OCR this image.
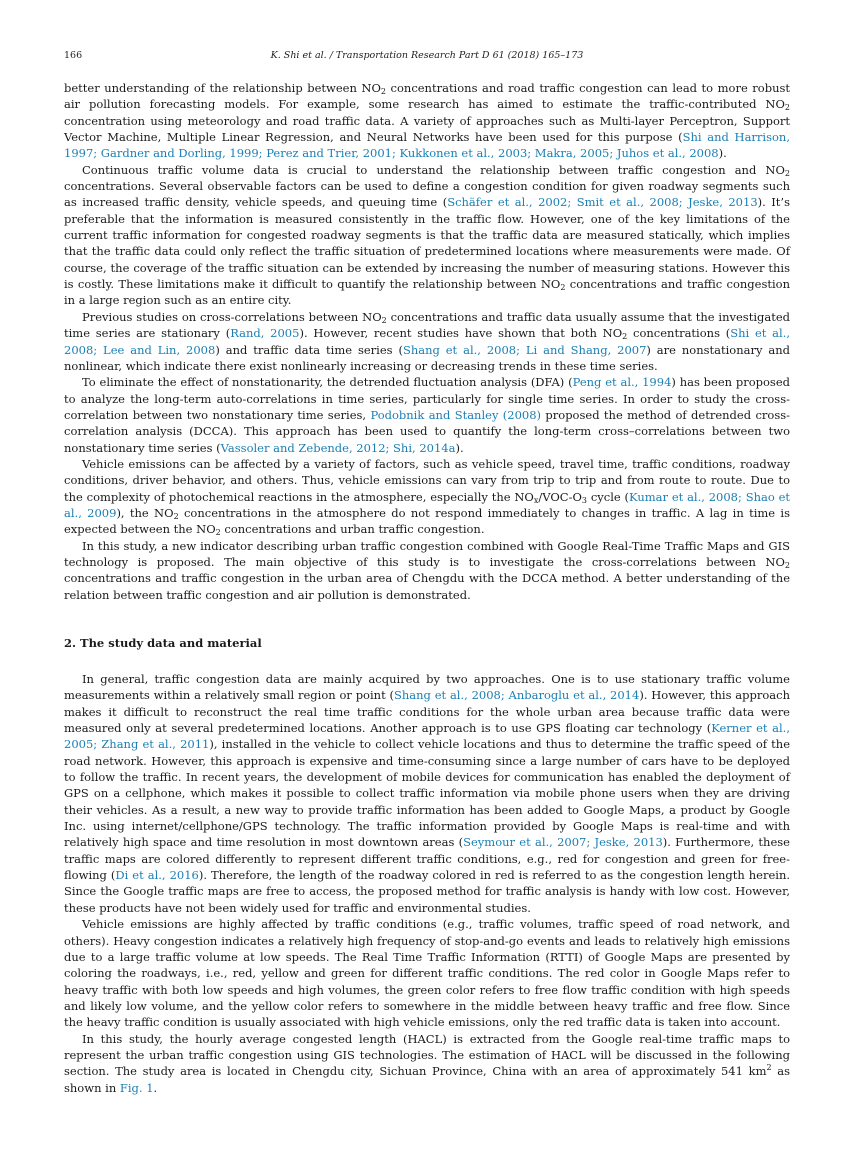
166	K. Shi et al. / Transportation Research Part D 61 (2018) 165–173

better understanding of the relationship between $NO_2$ concentrations and road traffic congestion can lead to more robust air pollution forecasting models. For example, some research has aimed to estimate the traffic-contributed $NO_2$ concentration using meteorology and road traffic data. A variety of approaches such as Multi-layer Perceptron, Support Vector Machine, Multiple Linear Regression, and Neural Networks have been used for this purpose (Shi and Harrison, 1997; Gardner and Dorling, 1999; Perez and Trier, 2001; Kukkonen et al., 2003; Makra, 2005; Juhos et al., 2008).

Continuous traffic volume data is crucial to understand the relationship between traffic congestion and $NO_2$ concentrations. Several observable factors can be used to define a congestion condition for given roadway segments such as increased traffic density, vehicle speeds, and queuing time (Schäfer et al., 2002; Smit et al., 2008; Jeske, 2013). It’s preferable that the information is measured consistently in the traffic flow. However, one of the key limitations of the current traffic information for congested roadway segments is that the traffic data are measured statically, which implies that the traffic data could only reflect the traffic situation of predetermined locations where measurements were made. Of course, the coverage of the traffic situation can be extended by increasing the number of measuring stations. However this is costly. These limitations make it difficult to quantify the relationship between $NO_2$ concentrations and traffic congestion in a large region such as an entire city.

Previous studies on cross-correlations between $NO_2$ concentrations and traffic data usually assume that the investigated time series are stationary (Rand, 2005). However, recent studies have shown that both $NO_2$ concentrations (Shi et al., 2008; Lee and Lin, 2008) and traffic data time series (Shang et al., 2008; Li and Shang, 2007) are nonstationary and nonlinear, which indicate there exist nonlinearly increasing or decreasing trends in these time series.

To eliminate the effect of nonstationarity, the detrended fluctuation analysis (DFA) (Peng et al., 1994) has been proposed to analyze the long-term auto-correlations in time series, particularly for single time series. In order to study the cross-correlation between two nonstationary time series, Podobnik and Stanley (2008) proposed the method of detrended cross-correlation analysis (DCCA). This approach has been used to quantify the long-term cross–correlations between two nonstationary time series (Vassoler and Zebende, 2012; Shi, 2014a).

Vehicle emissions can be affected by a variety of factors, such as vehicle speed, travel time, traffic conditions, roadway conditions, driver behavior, and others. Thus, vehicle emissions can vary from trip to trip and from route to route. Due to the complexity of photochemical reactions in the atmosphere, especially the $NO_x/VOC-O_3$ cycle (Kumar et al., 2008; Shao et al., 2009), the $NO_2$ concentrations in the atmosphere do not respond immediately to changes in traffic. A lag in time is expected between the $NO_2$ concentrations and urban traffic congestion.

In this study, a new indicator describing urban traffic congestion combined with Google Real-Time Traffic Maps and GIS technology is proposed. The main objective of this study is to investigate the cross-correlations between $NO_2$ concentrations and traffic congestion in the urban area of Chengdu with the DCCA method. A better understanding of the relation between traffic congestion and air pollution is demonstrated.

2. The study data and material

In general, traffic congestion data are mainly acquired by two approaches. One is to use stationary traffic volume measurements within a relatively small region or point (Shang et al., 2008; Anbaroglu et al., 2014). However, this approach makes it difficult to reconstruct the real time traffic conditions for the whole urban area because traffic data were measured only at several predetermined locations. Another approach is to use GPS floating car technology (Kerner et al., 2005; Zhang et al., 2011), installed in the vehicle to collect vehicle locations and thus to determine the traffic speed of the road network. However, this approach is expensive and time-consuming since a large number of cars have to be deployed to follow the traffic. In recent years, the development of mobile devices for communication has enabled the deployment of GPS on a cellphone, which makes it possible to collect traffic information via mobile phone users when they are driving their vehicles. As a result, a new way to provide traffic information has been added to Google Maps, a product by Google Inc. using internet/cellphone/GPS technology. The traffic information provided by Google Maps is real-time and with relatively high space and time resolution in most downtown areas (Seymour et al., 2007; Jeske, 2013). Furthermore, these traffic maps are colored differently to represent different traffic conditions, e.g., red for congestion and green for free-flowing (Di et al., 2016). Therefore, the length of the roadway colored in red is referred to as the congestion length herein. Since the Google traffic maps are free to access, the proposed method for traffic analysis is handy with low cost. However, these products have not been widely used for traffic and environmental studies.

Vehicle emissions are highly affected by traffic conditions (e.g., traffic volumes, traffic speed of road network, and others). Heavy congestion indicates a relatively high frequency of stop-and-go events and leads to relatively high emissions due to a large traffic volume at low speeds. The Real Time Traffic Information (RTTI) of Google Maps are presented by coloring the roadways, i.e., red, yellow and green for different traffic conditions. The red color in Google Maps refer to heavy traffic with both low speeds and high volumes, the green color refers to free flow traffic condition with high speeds and likely low volume, and the yellow color refers to somewhere in the middle between heavy traffic and free flow. Since the heavy traffic condition is usually associated with high vehicle emissions, only the red traffic data is taken into account.

In this study, the hourly average congested length (HACL) is extracted from the Google real-time traffic maps to represent the urban traffic congestion using GIS technologies. The estimation of HACL will be discussed in the following section. The study area is located in Chengdu city, Sichuan Province, China with an area of approximately 541 $km^2$ as shown in Fig. 1.
